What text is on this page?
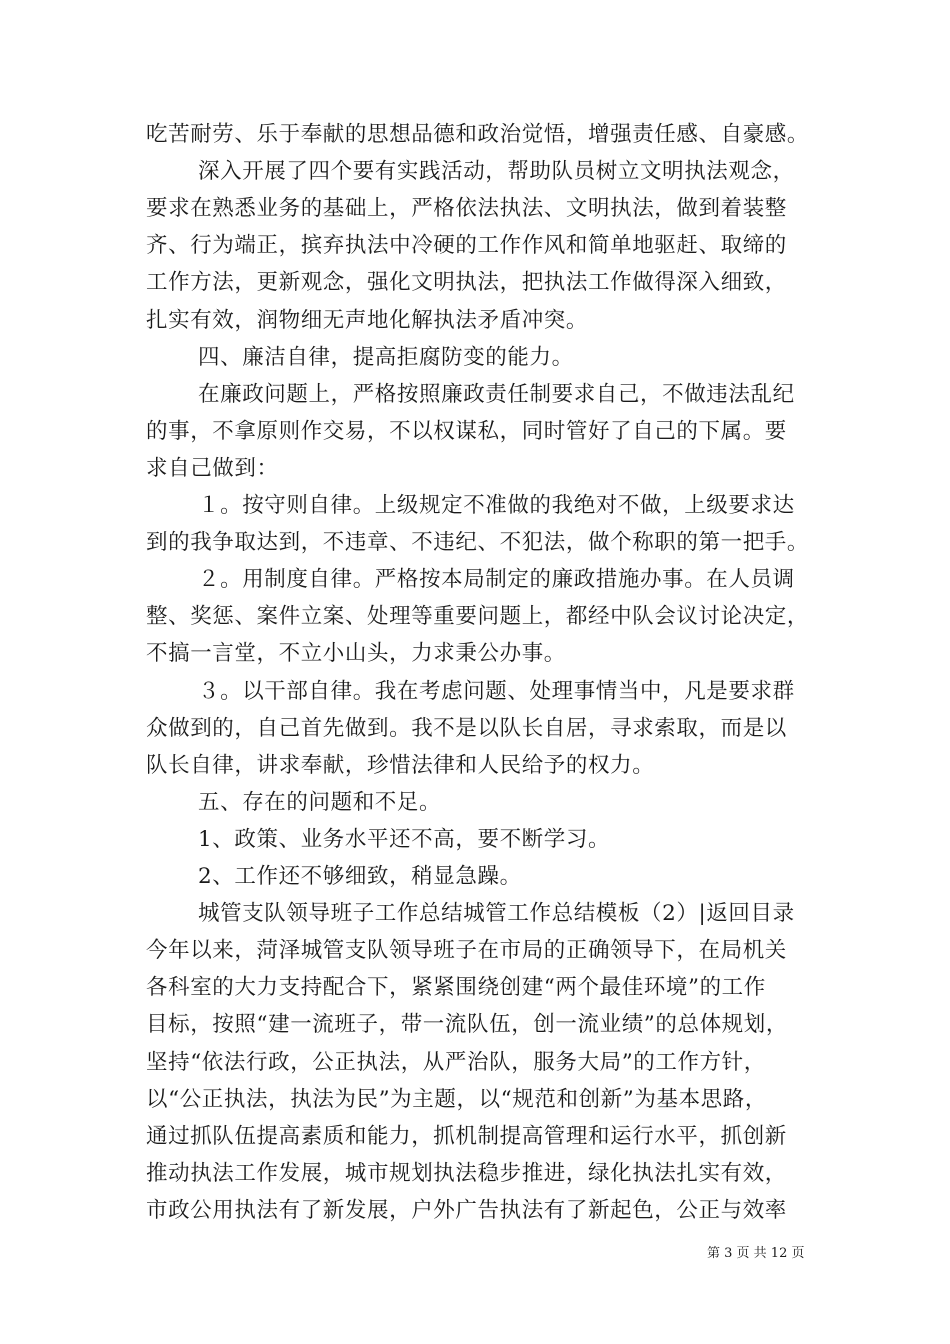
吃苦耐劳、乐于奉献的思想品德和政治觉悟，增强责任感、自豪感。
深入开展了四个要有实践活动，帮助队员树立文明执法观念，
要求在熟悉业务的基础上，严格依法执法、文明执法，做到着装整
齐、行为端正，摈弃执法中冷硬的工作作风和简单地驱赶、取缔的
工作方法，更新观念，强化文明执法，把执法工作做得深入细致，
扎实有效，润物细无声地化解执法矛盾冲突。
四、廉洁自律，提高拒腐防变的能力。
在廉政问题上，严格按照廉政责任制要求自己，不做违法乱纪
的事，不拿原则作交易，不以权谋私，同时管好了自己的下属。要
求自己做到：
１。按守则自律。上级规定不准做的我绝对不做，上级要求达
到的我争取达到，不违章、不违纪、不犯法，做个称职的第一把手。
２。用制度自律。严格按本局制定的廉政措施办事。在人员调
整、奖惩、案件立案、处理等重要问题上，都经中队会议讨论决定，
不搞一言堂，不立小山头，力求秉公办事。
３。以干部自律。我在考虑问题、处理事情当中，凡是要求群
众做到的，自己首先做到。我不是以队长自居，寻求索取，而是以
队长自律，讲求奉献，珍惜法律和人民给予的权力。
五、存在的问题和不足。
1、政策、业务水平还不高，要不断学习。
2、工作还不够细致，稍显急躁。
城管支队领导班子工作总结城管工作总结模板（2）|返回目录
今年以来，菏泽城管支队领导班子在市局的正确领导下，在局机关
各科室的大力支持配合下，紧紧围绕创建“两个最佳环境”的工作
目标，按照“建一流班子，带一流队伍，创一流业绩”的总体规划，
坚持“依法行政，公正执法，从严治队，服务大局”的工作方针，
以“公正执法，执法为民”为主题，以“规范和创新”为基本思路，
通过抓队伍提高素质和能力，抓机制提高管理和运行水平，抓创新
推动执法工作发展，城市规划执法稳步推进，绿化执法扎实有效，
市政公用执法有了新发展，户外广告执法有了新起色，公正与效率
第 3 页 共 12 页
